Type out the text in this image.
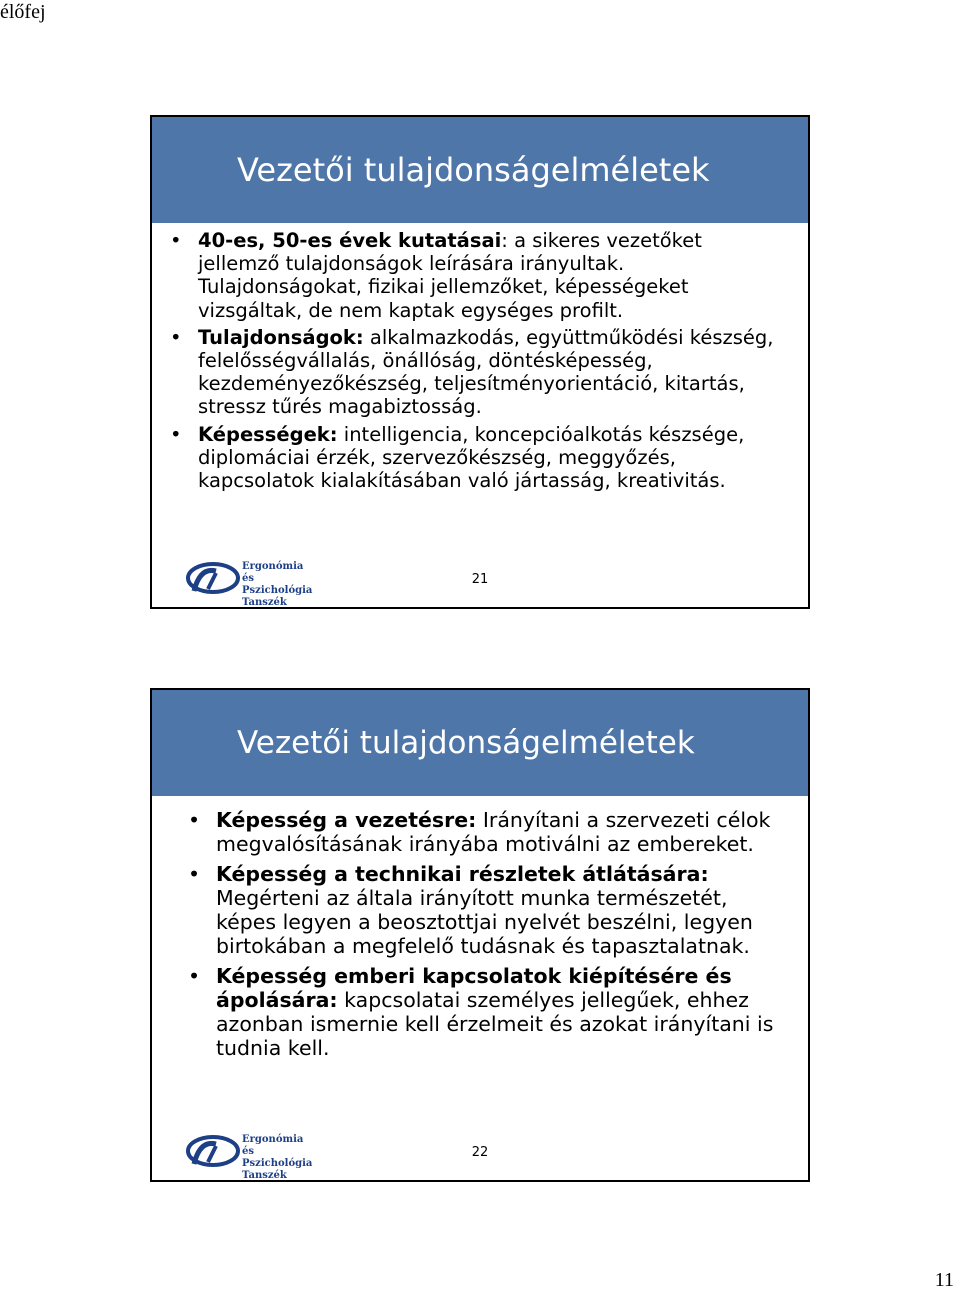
élőfej
Vezetői tulajdonságelméletek
• 40-es, 50-es évek kutatásai: a sikeres vezetőket jellemző tulajdonságok leírására irányultak. Tulajdonságokat, fizikai jellemzőket, képességeket vizsgáltak, de nem kaptak egységes profilt.
• Tulajdonságok: alkalmazkodás, együttműködési készség, felelősségvállalás, önállóság, döntésképesség, kezdeményezőkészség, teljesítményorientáció, kitartás, stressz tűrés magabiztosság.
• Képességek: intelligencia, koncepcióalkotás készsége, diplomáciai érzék, szervezőkészség, meggyőzés, kapcsolatok kialakításában való jártasság, kreativitás.
Ergonómia és
Pszichológia
Tanszék
21
Vezetői tulajdonságelméletek
• Képesség a vezetésre: Irányítani a szervezeti célok megvalósításának irányába motiválni az embereket.
• Képesség a technikai részletek átlátására: Megérteni az általa irányított munka természetét, képes legyen a beosztottjai nyelvét beszélni, legyen birtokában a megfelelő tudásnak és tapasztalatnak.
• Képesség emberi kapcsolatok kiépítésére és ápolására: kapcsolatai személyes jellegűek, ehhez azonban ismernie kell érzelmeit és azokat irányítani is tudnia kell.
Ergonómia és
Pszichológia
Tanszék
22
11
